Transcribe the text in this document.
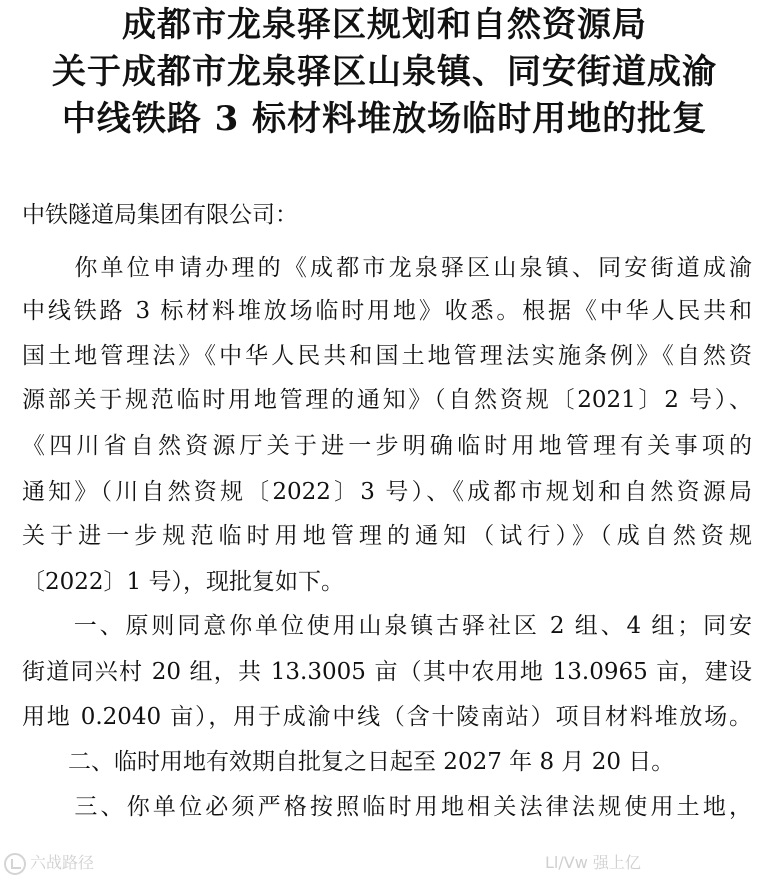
成都市龙泉驿区规划和自然资源局
关于成都市龙泉驿区山泉镇、同安街道成渝
中线铁路 3 标材料堆放场临时用地的批复

中铁隧道局集团有限公司：

　　你单位申请办理的《成都市龙泉驿区山泉镇、同安街道成渝

中线铁路 3 标材料堆放场临时用地》收悉。根据《中华人民共和

国土地管理法》《中华人民共和国土地管理法实施条例》《自然资

源部关于规范临时用地管理的通知》（自然资规〔2021〕2 号）、

《四川省自然资源厅关于进一步明确临时用地管理有关事项的

通知》（川自然资规〔2022〕3 号）、《成都市规划和自然资源局

关于进一步规范临时用地管理的通知（试行）》（成自然资规

〔2022〕1 号），现批复如下。

　　一、原则同意你单位使用山泉镇古驿社区 2 组、4 组；同安

街道同兴村 20 组，共 13.3005 亩（其中农用地 13.0965 亩，建设

用地 0.2040 亩），用于成渝中线（含十陵南站）项目材料堆放场。

　　二、临时用地有效期自批复之日起至 2027 年 8 月 20 日。

　　三、你单位必须严格按照临时用地相关法律法规使用土地，

六战路径	Ll/Vw 强上亿
